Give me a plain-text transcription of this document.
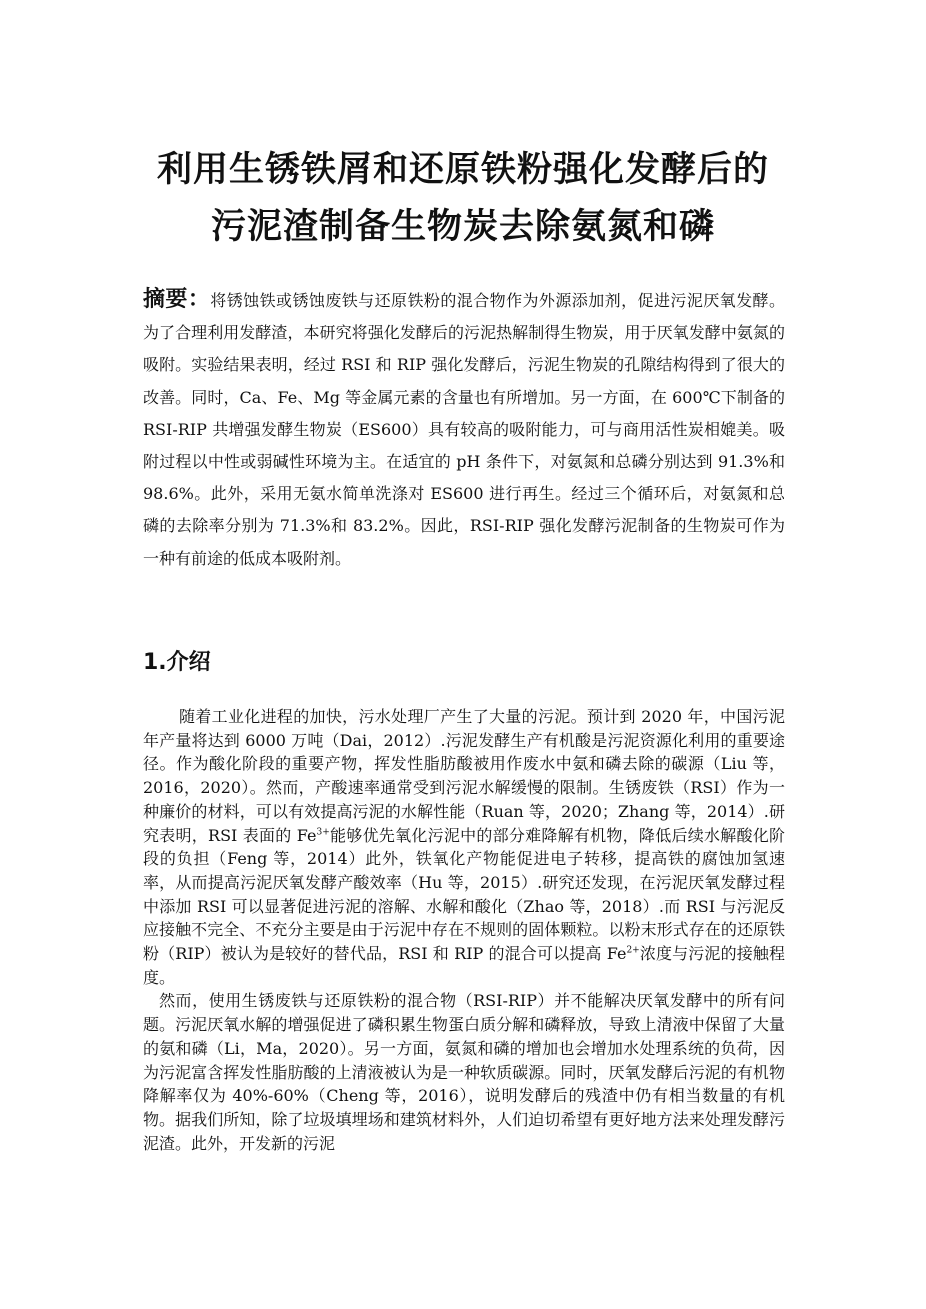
利用生锈铁屑和还原铁粉强化发酵后的
污泥渣制备生物炭去除氨氮和磷
摘要：将锈蚀铁或锈蚀废铁与还原铁粉的混合物作为外源添加剂，促进污泥厌氧发酵。为了合理利用发酵渣，本研究将强化发酵后的污泥热解制得生物炭，用于厌氧发酵中氨氮的吸附。实验结果表明，经过 RSI 和 RIP 强化发酵后，污泥生物炭的孔隙结构得到了很大的改善。同时，Ca、Fe、Mg 等金属元素的含量也有所增加。另一方面，在 600℃下制备的 RSI-RIP 共增强发酵生物炭（ES600）具有较高的吸附能力，可与商用活性炭相媲美。吸附过程以中性或弱碱性环境为主。在适宜的 pH 条件下，对氨氮和总磷分别达到 91.3%和 98.6%。此外，采用无氨水简单洗涤对 ES600 进行再生。经过三个循环后，对氨氮和总磷的去除率分别为 71.3%和 83.2%。因此，RSI-RIP 强化发酵污泥制备的生物炭可作为一种有前途的低成本吸附剂。
1.介绍

随着工业化进程的加快，污水处理厂产生了大量的污泥。预计到 2020 年，中国污泥年产量将达到 6000 万吨（Dai，2012）.污泥发酵生产有机酸是污泥资源化利用的重要途径。作为酸化阶段的重要产物，挥发性脂肪酸被用作废水中氨和磷去除的碳源（Liu 等，2016，2020）。然而，产酸速率通常受到污泥水解缓慢的限制。生锈废铁（RSI）作为一种廉价的材料，可以有效提高污泥的水解性能（Ruan 等，2020；Zhang 等，2014）.研究表明，RSI 表面的 $Fe^{3+}$能够优先氧化污泥中的部分难降解有机物，降低后续水解酸化阶段的负担（Feng 等，2014）此外，铁氧化产物能促进电子转移，提高铁的腐蚀加氢速率，从而提高污泥厌氧发酵产酸效率（Hu 等，2015）.研究还发现，在污泥厌氧发酵过程中添加 RSI 可以显著促进污泥的溶解、水解和酸化（Zhao 等，2018）.而 RSI 与污泥反应接触不完全、不充分主要是由于污泥中存在不规则的固体颗粒。以粉末形式存在的还原铁粉（RIP）被认为是较好的替代品，RSI 和 RIP 的混合可以提高 $Fe^{2+}$浓度与污泥的接触程度。

然而，使用生锈废铁与还原铁粉的混合物（RSI-RIP）并不能解决厌氧发酵中的所有问题。污泥厌氧水解的增强促进了磷积累生物蛋白质分解和磷释放，导致上清液中保留了大量的氨和磷（Li，Ma，2020）。另一方面，氨氮和磷的增加也会增加水处理系统的负荷，因为污泥富含挥发性脂肪酸的上清液被认为是一种软质碳源。同时，厌氧发酵后污泥的有机物降解率仅为 40%-60%（Cheng 等，2016），说明发酵后的残渣中仍有相当数量的有机物。据我们所知，除了垃圾填埋场和建筑材料外，人们迫切希望有更好地方法来处理发酵污泥渣。此外，开发新的污泥
